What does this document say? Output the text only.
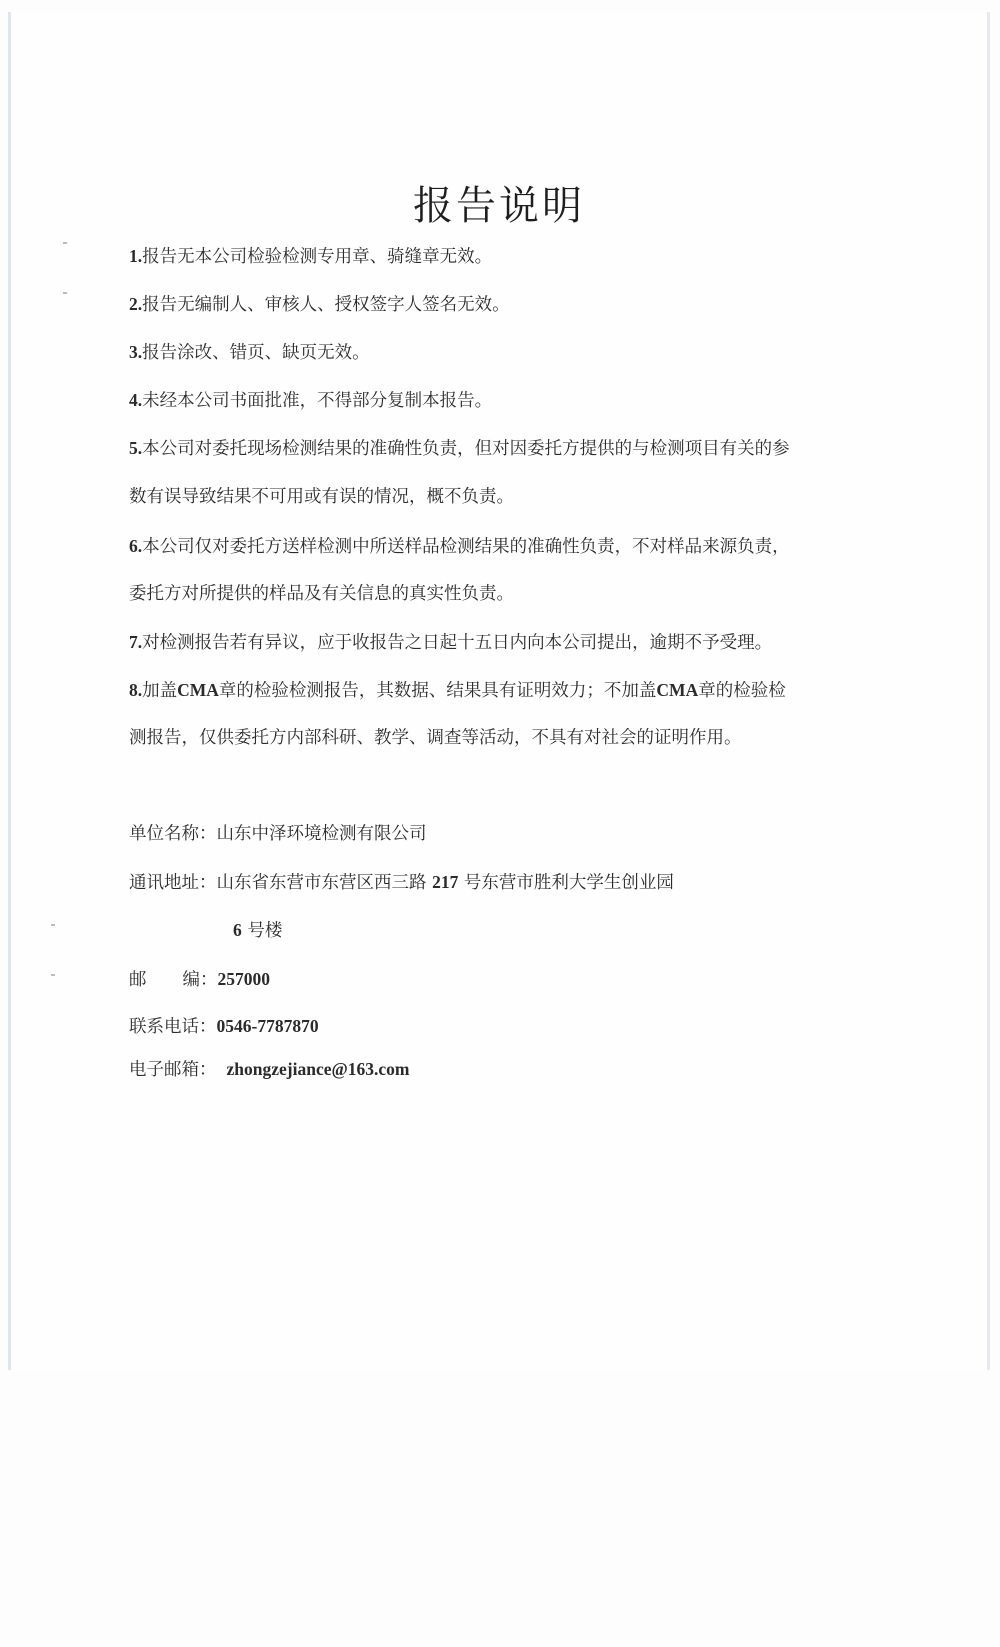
报告说明
1.报告无本公司检验检测专用章、骑缝章无效。
2.报告无编制人、审核人、授权签字人签名无效。
3.报告涂改、错页、缺页无效。
4.未经本公司书面批准，不得部分复制本报告。
5.本公司对委托现场检测结果的准确性负责，但对因委托方提供的与检测项目有关的参
数有误导致结果不可用或有误的情况，概不负责。
6.本公司仅对委托方送样检测中所送样品检测结果的准确性负责，不对样品来源负责，
委托方对所提供的样品及有关信息的真实性负责。
7.对检测报告若有异议，应于收报告之日起十五日内向本公司提出，逾期不予受理。
8.加盖CMA章的检验检测报告，其数据、结果具有证明效力；不加盖CMA章的检验检
测报告，仅供委托方内部科研、教学、调查等活动，不具有对社会的证明作用。
单位名称：山东中泽环境检测有限公司
通讯地址：山东省东营市东营区西三路 217 号东营市胜利大学生创业园
6 号楼
邮 编：257000
联系电话：0546-7787870
电子邮箱： zhongzejiance@163.com
